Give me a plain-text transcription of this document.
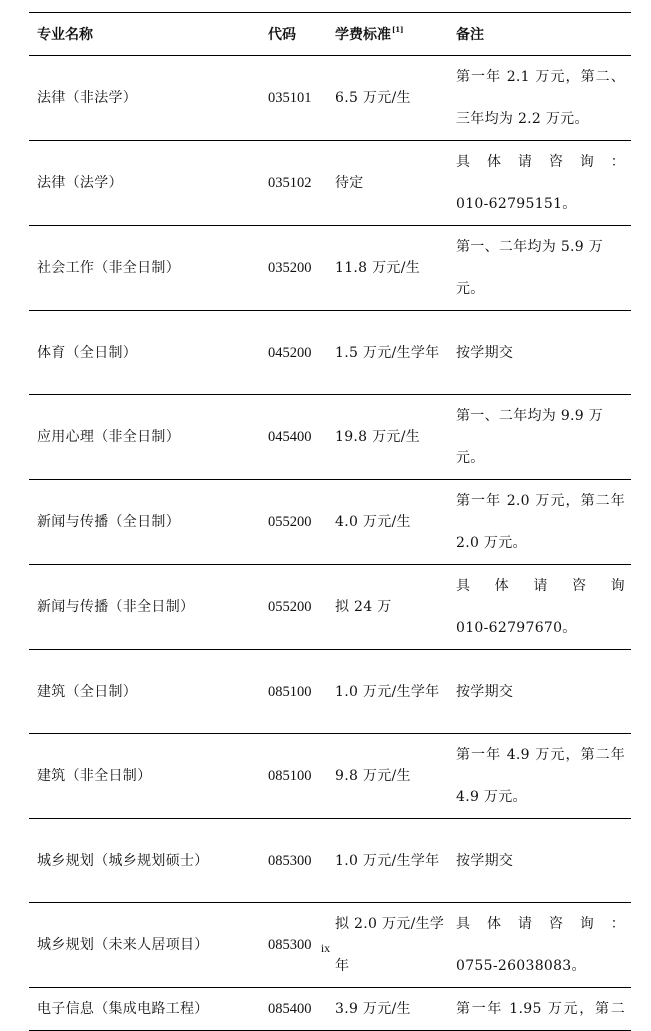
专业名称	代码	学费标准[1]	备注
法律（非法学）	035101	6.5 万元/生	第一年 2.1 万元，第二、
三年均为 2.2 万元。
法律（法学）	035102	待定	具 体 请 咨 询 ：
010-62795151。
社会工作（非全日制）	035200	11.8 万元/生	第一、二年均为 5.9 万元。
体育（全日制）	045200	1.5 万元/生学年	按学期交
应用心理（非全日制）	045400	19.8 万元/生	第一、二年均为 9.9 万元。
新闻与传播（全日制）	055200	4.0 万元/生	第一年 2.0 万元，第二年
2.0 万元。
新闻与传播（非全日制）	055200	拟 24 万	具 体 请 咨 询
010-62797670。
建筑（全日制）	085100	1.0 万元/生学年	按学期交
建筑（非全日制）	085100	9.8 万元/生	第一年 4.9 万元，第二年
4.9 万元。
城乡规划（城乡规划硕士）	085300	1.0 万元/生学年	按学期交
城乡规划（未来人居项目）	085300	拟 2.0 万元/生学年	具 体 请 咨 询 ：
0755-26038083。
电子信息（集成电路工程）	085400	3.9 万元/生	第一年 1.95 万元，第二
ix
